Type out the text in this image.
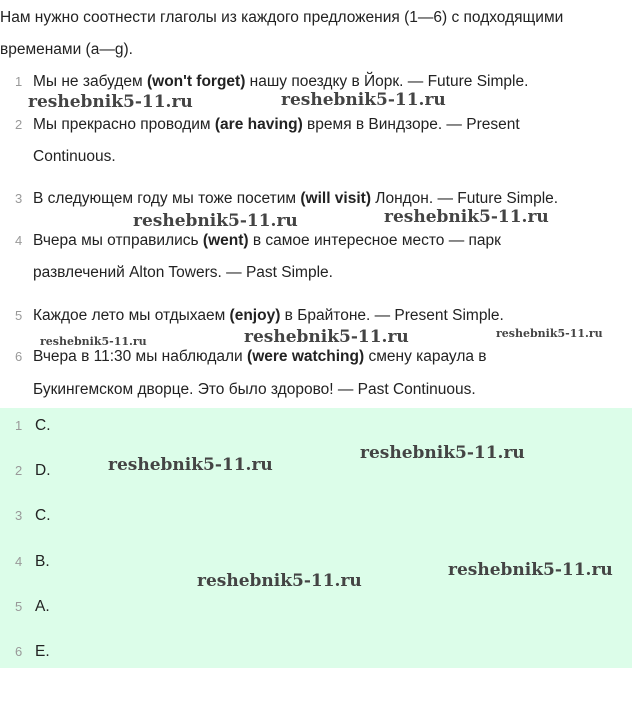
Нам нужно соотнести глаголы из каждого предложения (1—6) с подходящими
временами (a—g).
1 Мы не забудем (won't forget) нашу поездку в Йорк. — Future Simple.
2 Мы прекрасно проводим (are having) время в Виндзоре. — Present
Continuous.
3 В следующем году мы тоже посетим (will visit) Лондон. — Future Simple.
4 Вчера мы отправились (went) в самое интересное место — парк
развлечений Alton Towers. — Past Simple.
5 Каждое лето мы отдыхаем (enjoy) в Брайтоне. — Present Simple.
6 Вчера в 11:30 мы наблюдали (were watching) смену караула в
Букингемском дворце. Это было здорово! — Past Continuous.
1 C.
2 D.
3 C.
4 B.
5 A.
6 E.
reshebnik5-11.ru	reshebnik5-11.ru
reshebnik5-11.ru	reshebnik5-11.ru
reshebnik5-11.ru	reshebnik5-11.ru	reshebnik5-11.ru
reshebnik5-11.ru
reshebnik5-11.ru
reshebnik5-11.ru
reshebnik5-11.ru
